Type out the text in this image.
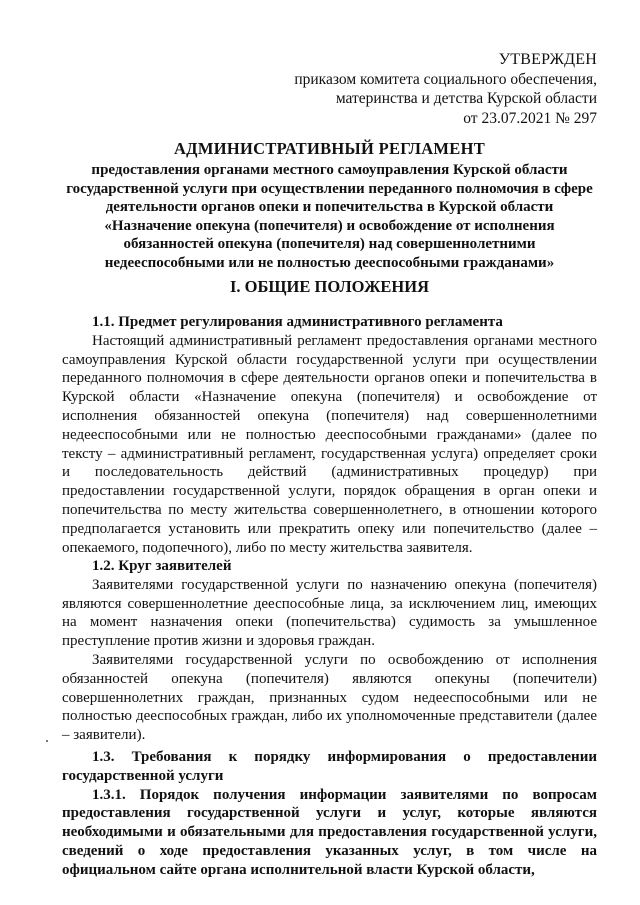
УТВЕРЖДЕН
приказом комитета социального обеспечения,
материнства и детства Курской области
от 23.07.2021 № 297
АДМИНИСТРАТИВНЫЙ РЕГЛАМЕНТ
предоставления органами местного самоуправления Курской области государственной услуги при осуществлении переданного полномочия в сфере деятельности органов опеки и попечительства в Курской области «Назначение опекуна (попечителя) и освобождение от исполнения обязанностей опекуна (попечителя) над совершеннолетними недееспособными или не полностью дееспособными гражданами»
I. ОБЩИЕ ПОЛОЖЕНИЯ

1.1. Предмет регулирования административного регламента

Настоящий административный регламент предоставления органами местного самоуправления Курской области государственной услуги при осуществлении переданного полномочия в сфере деятельности органов опеки и попечительства в Курской области «Назначение опекуна (попечителя) и освобождение от исполнения обязанностей опекуна (попечителя) над совершеннолетними недееспособными или не полностью дееспособными гражданами» (далее по тексту – административный регламент, государственная услуга) определяет сроки и последовательность действий (административных процедур) при предоставлении государственной услуги, порядок обращения в орган опеки и попечительства по месту жительства совершеннолетнего, в отношении которого предполагается установить или прекратить опеку или попечительство (далее – опекаемого, подопечного), либо по месту жительства заявителя.

1.2. Круг заявителей

Заявителями государственной услуги по назначению опекуна (попечителя) являются совершеннолетние дееспособные лица, за исключением лиц, имеющих на момент назначения опеки (попечительства) судимость за умышленное преступление против жизни и здоровья граждан.

Заявителями государственной услуги по освобождению от исполнения обязанностей опекуна (попечителя) являются опекуны (попечители) совершеннолетних граждан, признанных судом недееспособными или не полностью дееспособных граждан, либо их уполномоченные представители (далее – заявители).

1.3. Требования к порядку информирования о предоставлении государственной услуги

1.3.1. Порядок получения информации заявителями по вопросам предоставления государственной услуги и услуг, которые являются необходимыми и обязательными для предоставления государственной услуги, сведений о ходе предоставления указанных услуг, в том числе на официальном сайте органа исполнительной власти Курской области,
